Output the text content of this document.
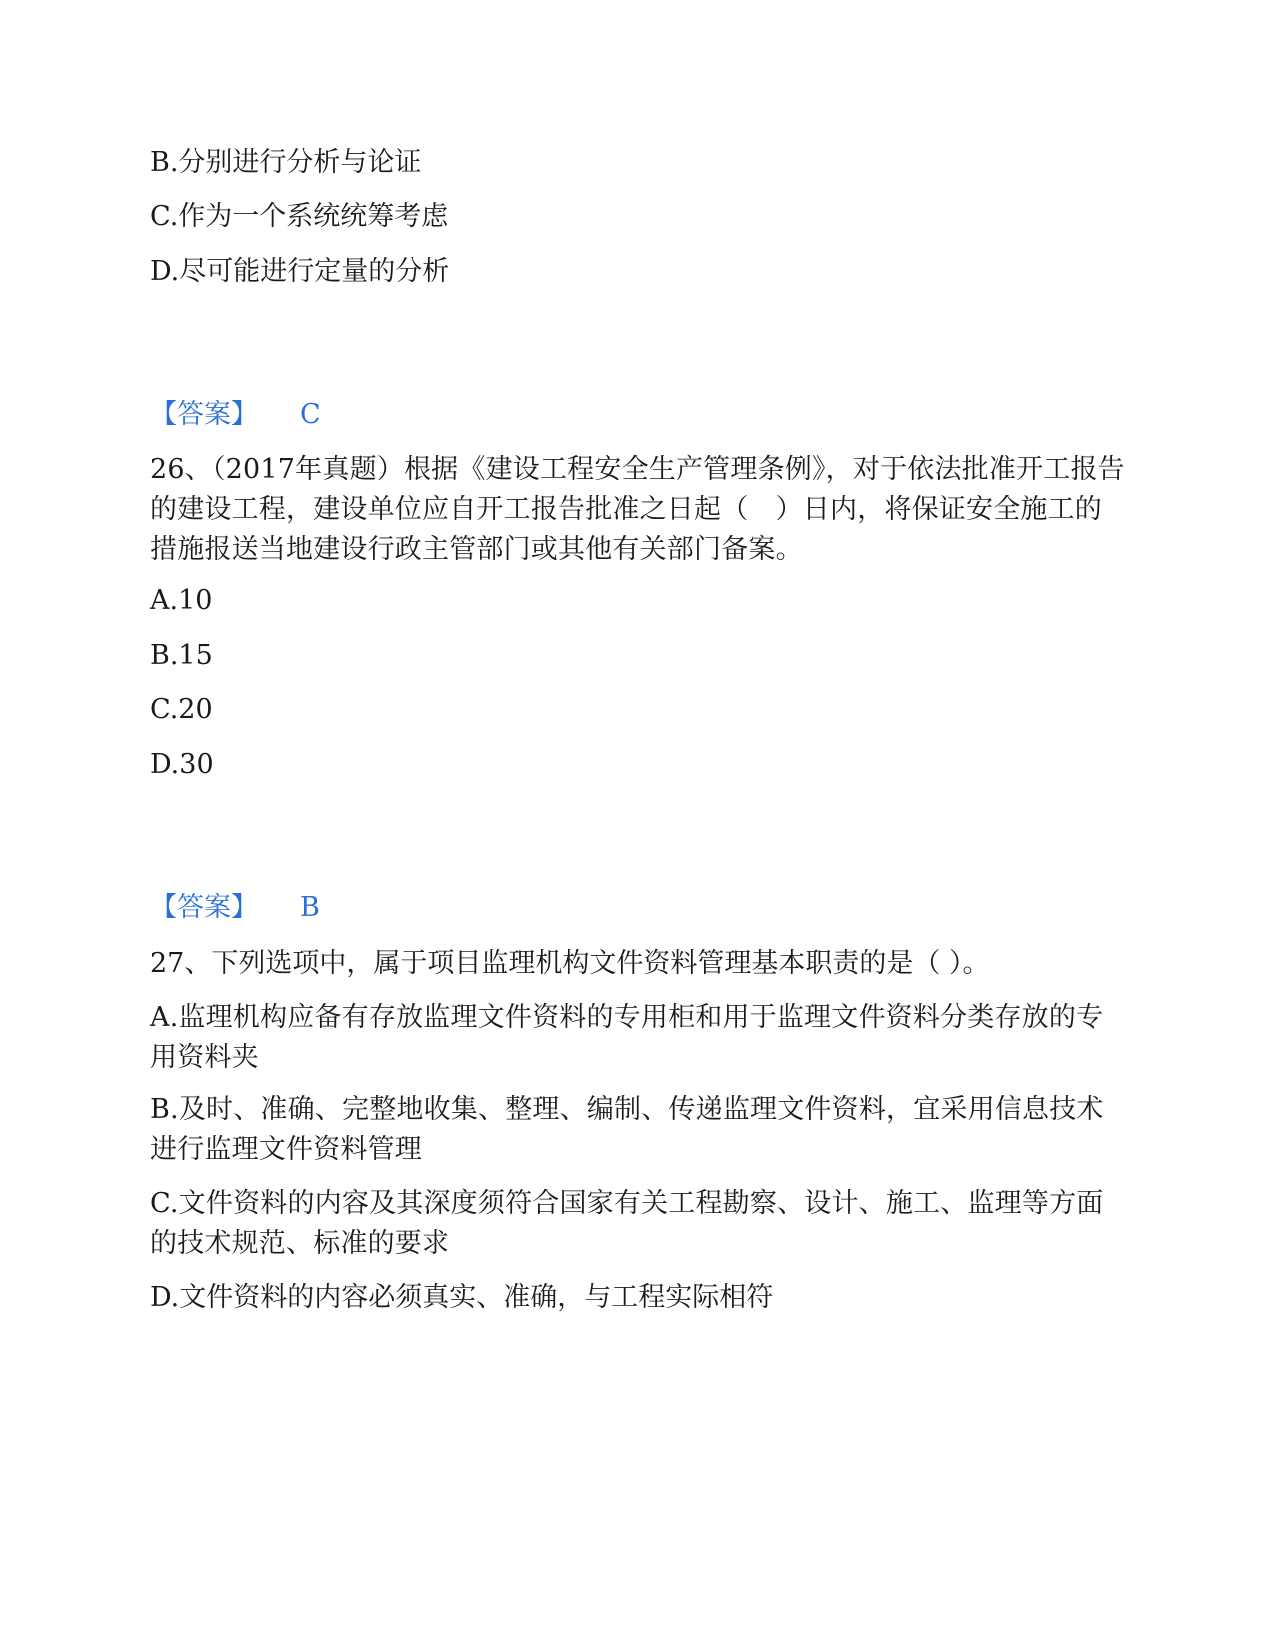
B.分别进行分析与论证
C.作为一个系统统筹考虑
D.尽可能进行定量的分析
【答案】 C
26、（2017年真题）根据《建设工程安全生产管理条例》，对于依法批准开工报告的建设工程，建设单位应自开工报告批准之日起（　）日内，将保证安全施工的措施报送当地建设行政主管部门或其他有关部门备案。
A.10
B.15
C.20
D.30
【答案】 B
27、下列选项中，属于项目监理机构文件资料管理基本职责的是（ ）。
A.监理机构应备有存放监理文件资料的专用柜和用于监理文件资料分类存放的专用资料夹
B.及时、准确、完整地收集、整理、编制、传递监理文件资料，宜采用信息技术进行监理文件资料管理
C.文件资料的内容及其深度须符合国家有关工程勘察、设计、施工、监理等方面的技术规范、标准的要求
D.文件资料的内容必须真实、准确，与工程实际相符
